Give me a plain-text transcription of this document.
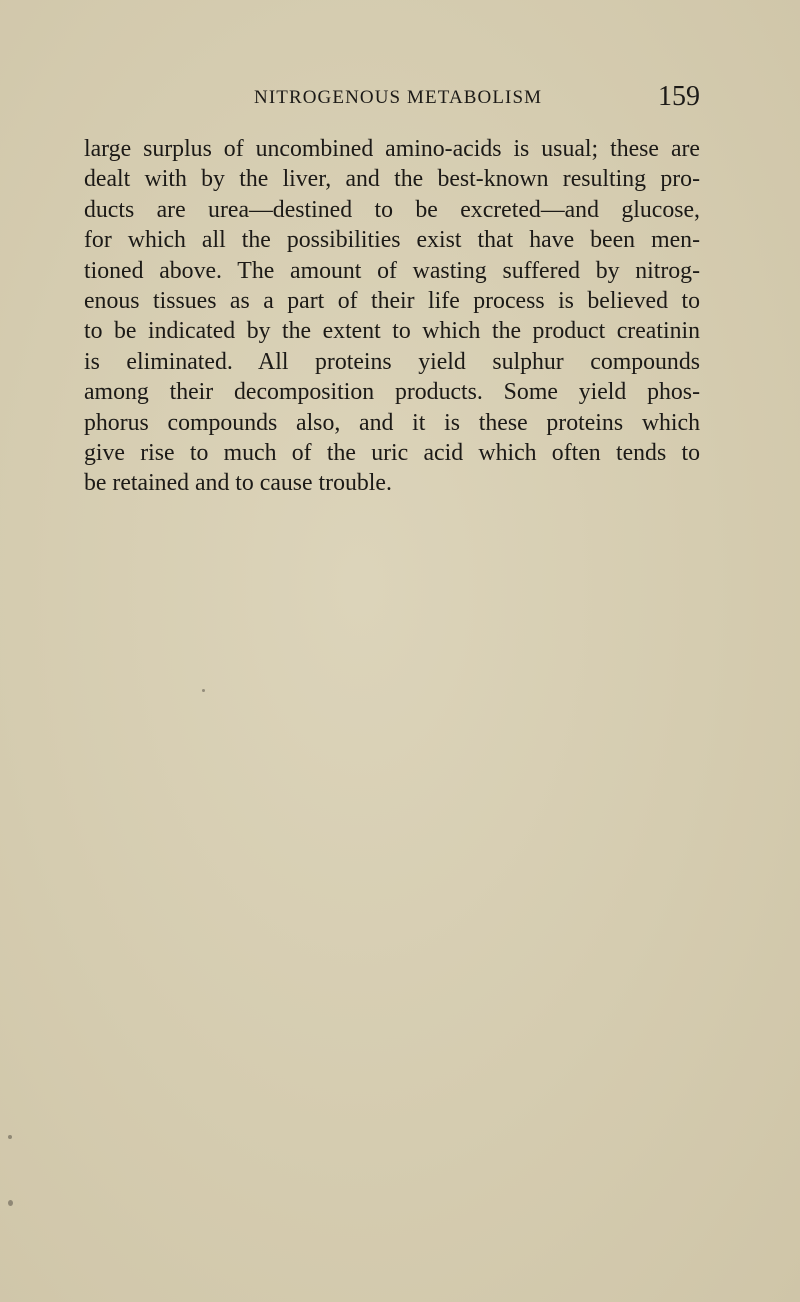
NITROGENOUS METABOLISM	159
large surplus of uncombined amino-acids is usual; these are
dealt with by the liver, and the best-known resulting pro-
ducts are urea—destined to be excreted—and glucose,
for which all the possibilities exist that have been men-
tioned above. The amount of wasting suffered by nitrog-
enous tissues as a part of their life process is believed to
to be indicated by the extent to which the product creatinin
is eliminated. All proteins yield sulphur compounds
among their decomposition products. Some yield phos-
phorus compounds also, and it is these proteins which
give rise to much of the uric acid which often tends to
be retained and to cause trouble.
